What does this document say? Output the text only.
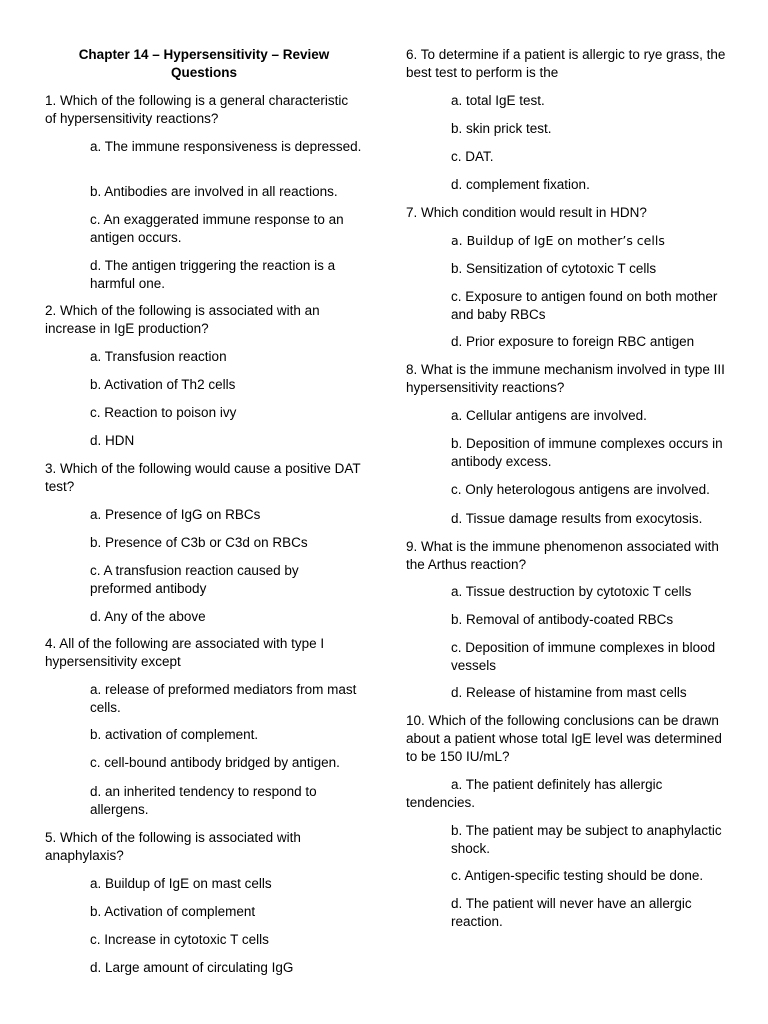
Chapter 14 – Hypersensitivity – Review
Questions
1. Which of the following is a general characteristic of hypersensitivity reactions?
a. The immune responsiveness is depressed.
b. Antibodies are involved in all reactions.
c. An exaggerated immune response to an antigen occurs.
d. The antigen triggering the reaction is a harmful one.
2. Which of the following is associated with an increase in IgE production?
a. Transfusion reaction
b. Activation of Th2 cells
c. Reaction to poison ivy
d. HDN
3. Which of the following would cause a positive DAT test?
a. Presence of IgG on RBCs
b. Presence of C3b or C3d on RBCs
c. A transfusion reaction caused by preformed antibody
d. Any of the above
4. All of the following are associated with type I hypersensitivity except
a. release of preformed mediators from mast cells.
b. activation of complement.
c. cell-bound antibody bridged by antigen.
d. an inherited tendency to respond to allergens.
5. Which of the following is associated with anaphylaxis?
a. Buildup of IgE on mast cells
b. Activation of complement
c. Increase in cytotoxic T cells
d. Large amount of circulating IgG
6. To determine if a patient is allergic to rye grass, the best test to perform is the
a. total IgE test.
b. skin prick test.
c. DAT.
d. complement fixation.
7. Which condition would result in HDN?
a. Buildup of IgE on mother’s cells
b. Sensitization of cytotoxic T cells
c. Exposure to antigen found on both mother and baby RBCs
d. Prior exposure to foreign RBC antigen
8. What is the immune mechanism involved in type III hypersensitivity reactions?
a. Cellular antigens are involved.
b. Deposition of immune complexes occurs in antibody excess.
c. Only heterologous antigens are involved.
d. Tissue damage results from exocytosis.
9. What is the immune phenomenon associated with the Arthus reaction?
a. Tissue destruction by cytotoxic T cells
b. Removal of antibody-coated RBCs
c. Deposition of immune complexes in blood vessels
d. Release of histamine from mast cells
10. Which of the following conclusions can be drawn about a patient whose total IgE level was determined to be 150 IU/mL?
a. The patient definitely has allergic tendencies.
b. The patient may be subject to anaphylactic shock.
c. Antigen-specific testing should be done.
d. The patient will never have an allergic reaction.
